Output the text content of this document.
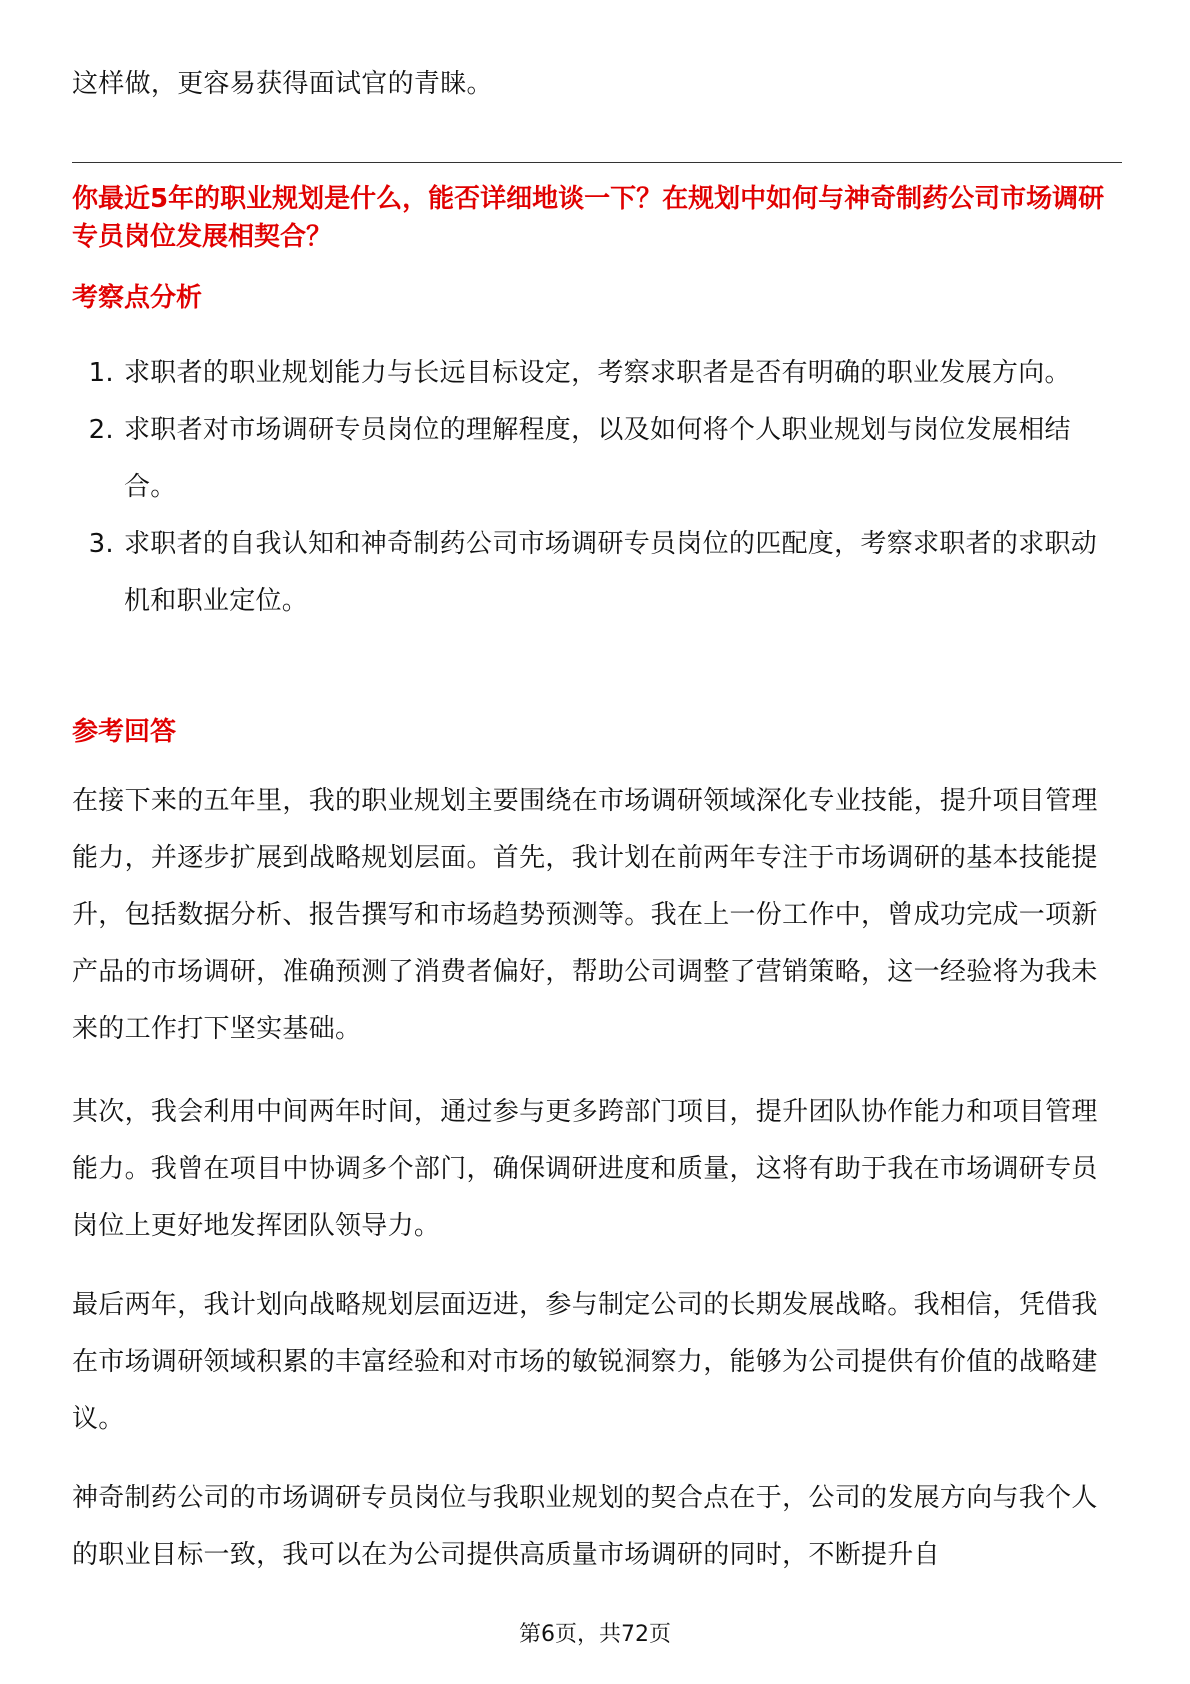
这样做，更容易获得面试官的青睐。

你最近5年的职业规划是什么，能否详细地谈一下？在规划中如何与神奇制药公司市场调研专员岗位发展相契合？

考察点分析

1. 求职者的职业规划能力与长远目标设定，考察求职者是否有明确的职业发展方向。
2. 求职者对市场调研专员岗位的理解程度，以及如何将个人职业规划与岗位发展相结合。
3. 求职者的自我认知和神奇制药公司市场调研专员岗位的匹配度，考察求职者的求职动机和职业定位。

参考回答

在接下来的五年里，我的职业规划主要围绕在市场调研领域深化专业技能，提升项目管理能力，并逐步扩展到战略规划层面。首先，我计划在前两年专注于市场调研的基本技能提升，包括数据分析、报告撰写和市场趋势预测等。我在上一份工作中，曾成功完成一项新产品的市场调研，准确预测了消费者偏好，帮助公司调整了营销策略，这一经验将为我未来的工作打下坚实基础。

其次，我会利用中间两年时间，通过参与更多跨部门项目，提升团队协作能力和项目管理能力。我曾在项目中协调多个部门，确保调研进度和质量，这将有助于我在市场调研专员岗位上更好地发挥团队领导力。

最后两年，我计划向战略规划层面迈进，参与制定公司的长期发展战略。我相信，凭借我在市场调研领域积累的丰富经验和对市场的敏锐洞察力，能够为公司提供有价值的战略建议。

神奇制药公司的市场调研专员岗位与我职业规划的契合点在于，公司的发展方向与我个人的职业目标一致，我可以在为公司提供高质量市场调研的同时，不断提升自

第6页，共72页
